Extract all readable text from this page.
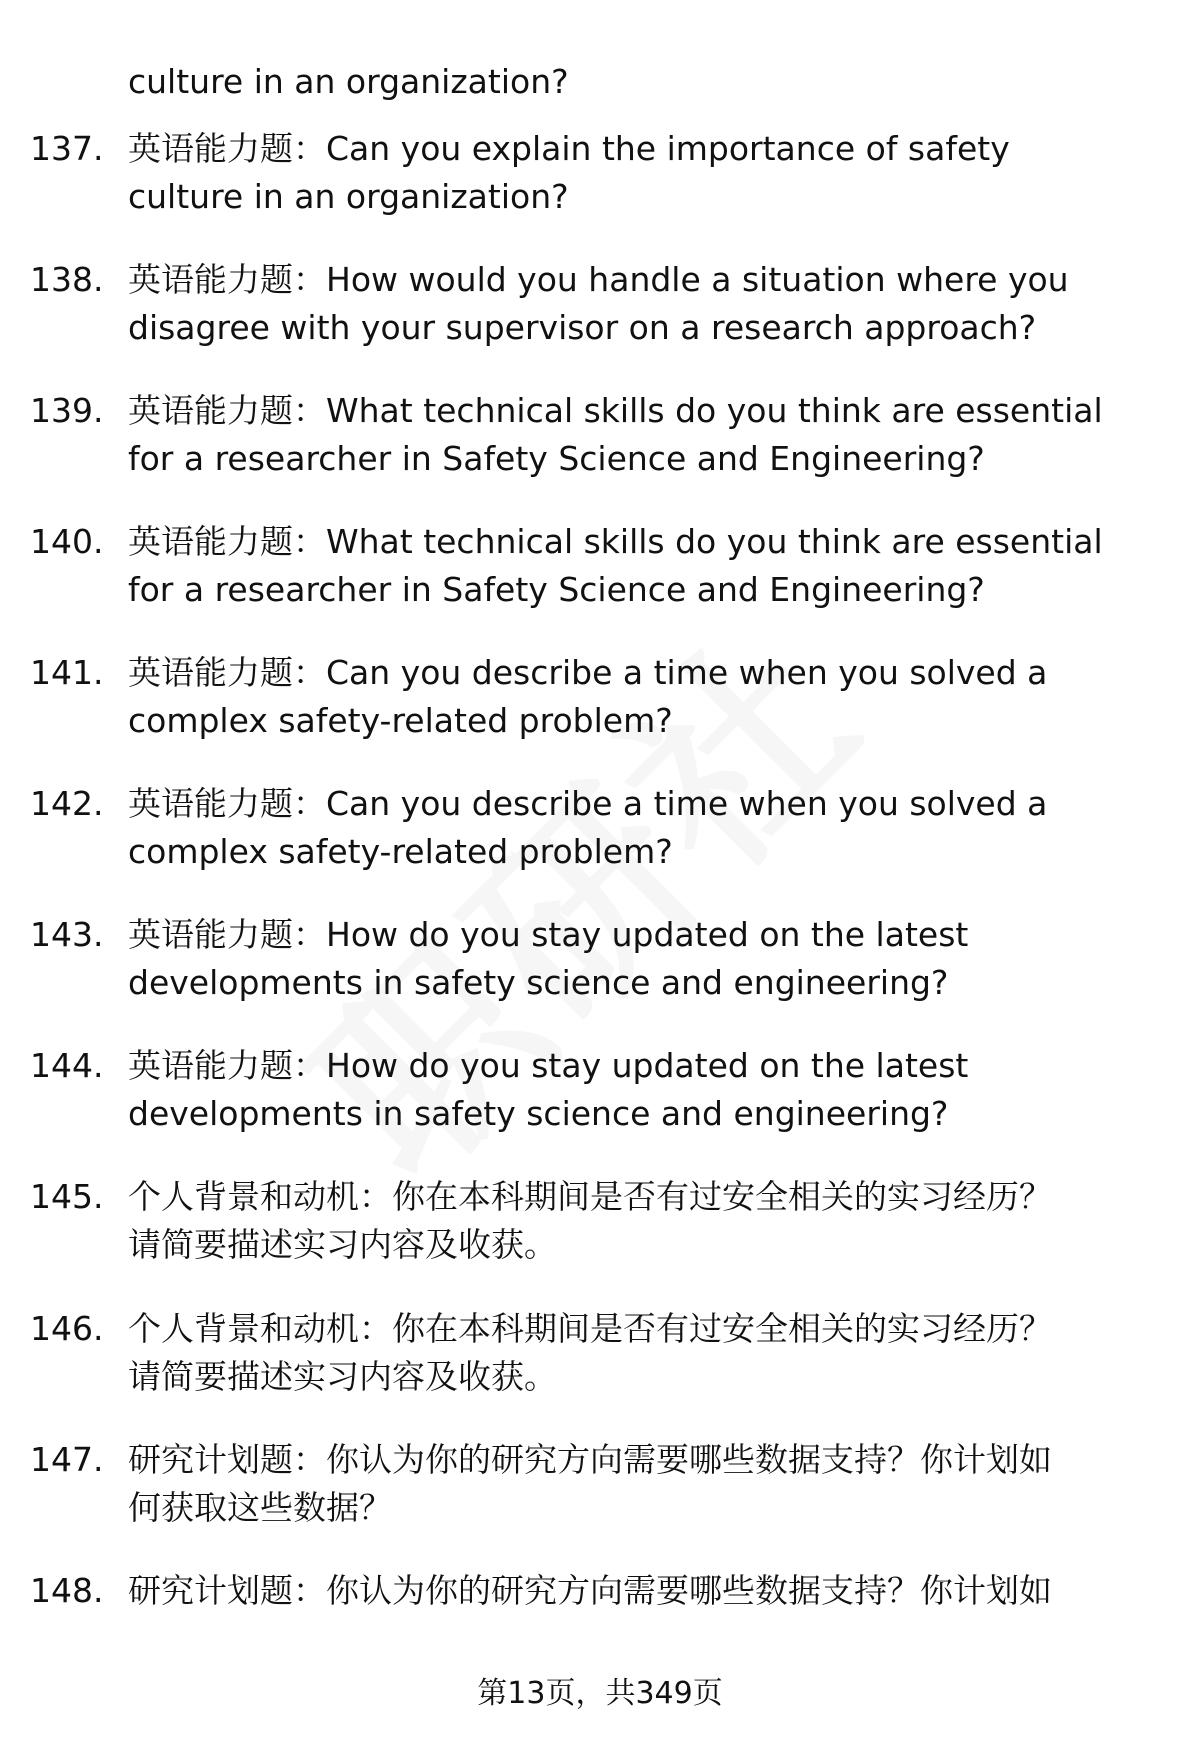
culture in an organization?
137. 英语能力题：Can you explain the importance of safety
culture in an organization?
138. 英语能力题：How would you handle a situation where you
disagree with your supervisor on a research approach?
139. 英语能力题：What technical skills do you think are essential
for a researcher in Safety Science and Engineering?
140. 英语能力题：What technical skills do you think are essential
for a researcher in Safety Science and Engineering?
141. 英语能力题：Can you describe a time when you solved a
complex safety-related problem?
142. 英语能力题：Can you describe a time when you solved a
complex safety-related problem?
143. 英语能力题：How do you stay updated on the latest
developments in safety science and engineering?
144. 英语能力题：How do you stay updated on the latest
developments in safety science and engineering?
145. 个人背景和动机：你在本科期间是否有过安全相关的实习经历？
请简要描述实习内容及收获。
146. 个人背景和动机：你在本科期间是否有过安全相关的实习经历？
请简要描述实习内容及收获。
147. 研究计划题：你认为你的研究方向需要哪些数据支持？你计划如
何获取这些数据？
148. 研究计划题：你认为你的研究方向需要哪些数据支持？你计划如
第13页，共349页
